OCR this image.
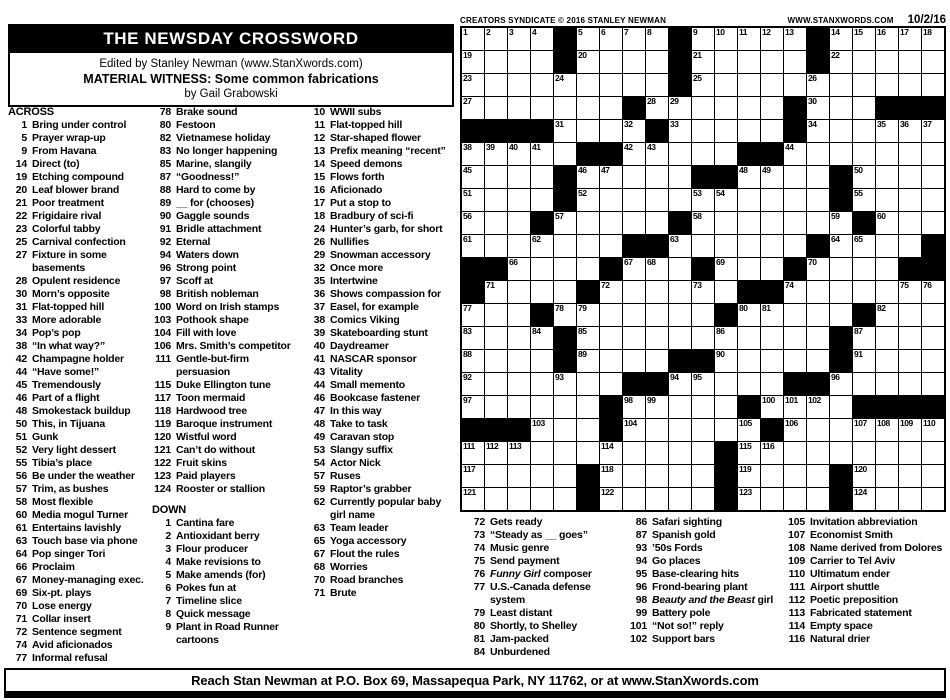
THE NEWSDAY CROSSWORD
Edited by Stanley Newman (www.StanXwords.com)
MATERIAL WITNESS: Some common fabrications
by Gail Grabowski
ACROSS
1 Bring under control
5 Prayer wrap-up
9 From Havana
14 Direct (to)
19 Etching compound
20 Leaf blower brand
21 Poor treatment
22 Frigidaire rival
23 Colorful tabby
25 Carnival confection
27 Fixture in some basements
28 Opulent residence
30 Morn’s opposite
31 Flat-topped hill
33 More adorable
34 Pop’s pop
38 “In what way?”
42 Champagne holder
44 “Have some!”
45 Tremendously
46 Part of a flight
48 Smokestack buildup
50 This, in Tijuana
51 Gunk
52 Very light dessert
55 Tibia’s place
56 Be under the weather
57 Trim, as bushes
58 Most flexible
60 Media mogul Turner
61 Entertains lavishly
63 Touch base via phone
64 Pop singer Tori
66 Proclaim
67 Money-managing exec.
69 Six-pt. plays
70 Lose energy
71 Collar insert
72 Sentence segment
74 Avid aficionados
77 Informal refusal
78 Brake sound
80 Festoon
82 Vietnamese holiday
83 No longer happening
85 Marine, slangily
87 “Goodness!”
88 Hard to come by
89 __ for (chooses)
90 Gaggle sounds
91 Bridle attachment
92 Eternal
94 Waters down
96 Strong point
97 Scoff at
98 British nobleman
100 Word on Irish stamps
103 Pothook shape
104 Fill with love
106 Mrs. Smith’s competitor
111 Gentle-but-firm persuasion
115 Duke Ellington tune
117 Toon mermaid
118 Hardwood tree
119 Baroque instrument
120 Wistful word
121 Can’t do without
122 Fruit skins
123 Paid players
124 Rooster or stallion
DOWN
1 Cantina fare
2 Antioxidant berry
3 Flour producer
4 Make revisions to
5 Make amends (for)
6 Pokes fun at
7 Timeline slice
8 Quick message
9 Plant in Road Runner cartoons
10 WWII subs
11 Flat-topped hill
12 Star-shaped flower
13 Prefix meaning “recent”
14 Speed demons
15 Flows forth
16 Aficionado
17 Put a stop to
18 Bradbury of sci-fi
24 Hunter’s garb, for short
26 Nullifies
29 Snowman accessory
32 Once more
35 Intertwine
36 Shows compassion for
37 Easel, for example
38 Comics Viking
39 Skateboarding stunt
40 Daydreamer
41 NASCAR sponsor
43 Vitality
44 Small memento
46 Bookcase fastener
47 In this way
48 Take to task
49 Caravan stop
53 Slangy suffix
54 Actor Nick
57 Ruses
59 Raptor’s grabber
62 Currently popular baby girl name
63 Team leader
65 Yoga accessory
67 Flout the rules
68 Worries
70 Road branches
71 Brute
CREATORS SYNDICATE © 2016 STANLEY NEWMAN	WWW.STANXWORDS.COM 10/2/16
1 2 3 4	5 6 7 8	9 10 11 12 13	14 15 16 17 18
19	20	21	22
23	24	25	26
27	28 29	30
31	32	33	34	35 36 37
38 39 40 41	42 43	44
45	46 47	48 49	50
51	52	53 54	55
56	57	58	59	60
61	62	63	64 65
66	67 68	69	70
71	72	73	74	75 76
77	78 79	80 81	82
83	84	85	86	87
88	89	90	91
92	93	94 95	96
97	98 99	100 101 102
103	104	105	106	107 108 109 110
111 112 113	114	115 116
117	118	119	120
121	122	123	124
72 Gets ready
73 “Steady as __ goes”
74 Music genre
75 Send payment
76 Funny Girl composer
77 U.S.-Canada defense system
79 Least distant
80 Shortly, to Shelley
81 Jam-packed
84 Unburdened
86 Safari sighting
87 Spanish gold
93 ’50s Fords
94 Go places
95 Base-clearing hits
96 Frond-bearing plant
98 Beauty and the Beast girl
99 Battery pole
101 “Not so!” reply
102 Support bars
105 Invitation abbreviation
107 Economist Smith
108 Name derived from Dolores
109 Carrier to Tel Aviv
110 Ultimatum ender
111 Airport shuttle
112 Poetic preposition
113 Fabricated statement
114 Empty space
116 Natural drier
Reach Stan Newman at P.O. Box 69, Massapequa Park, NY 11762, or at www.StanXwords.com
